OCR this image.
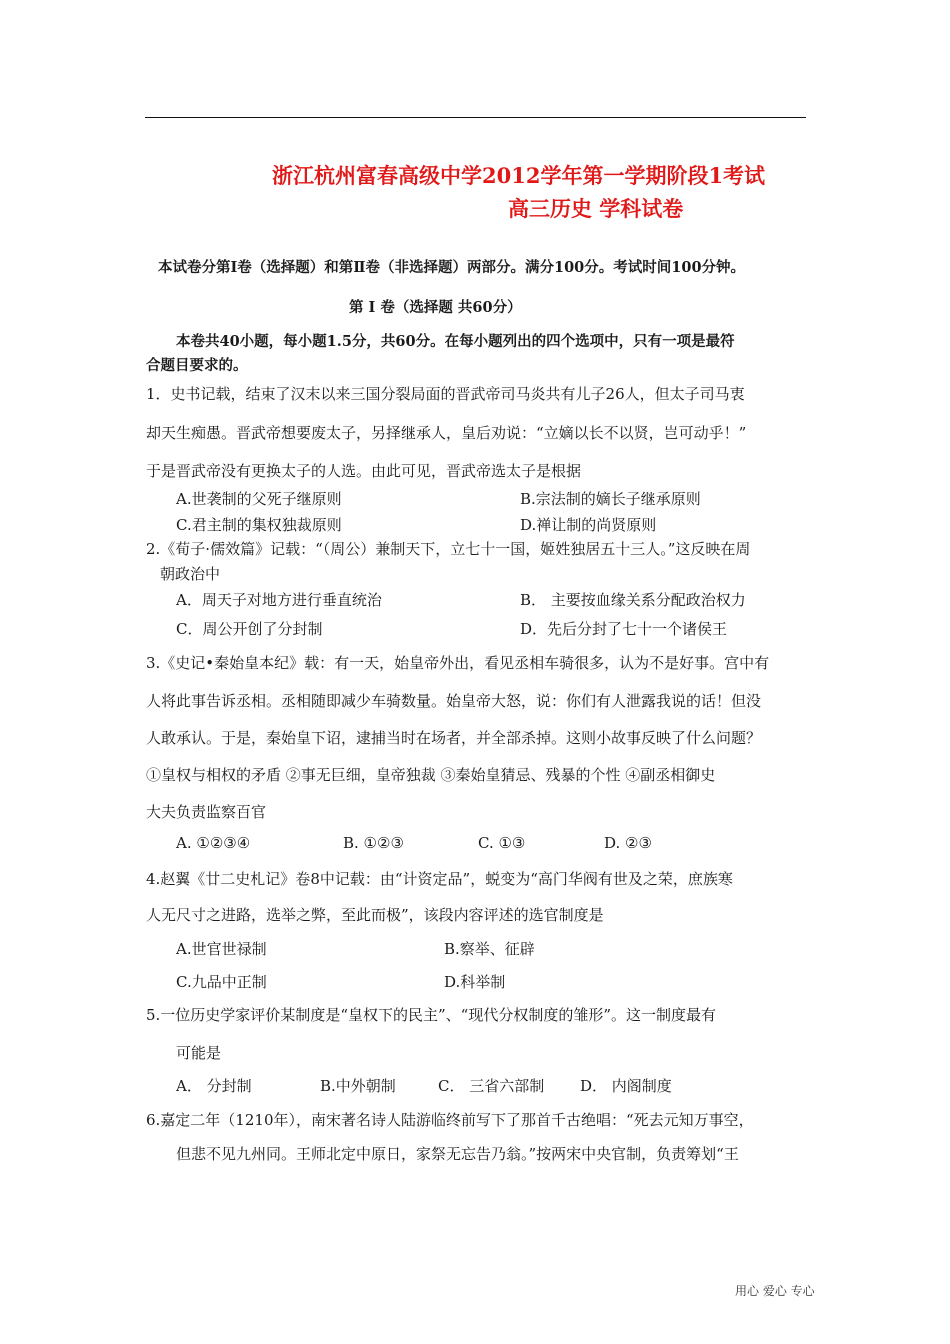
浙江杭州富春高级中学2012学年第一学期阶段1考试
高三历史 学科试卷
本试卷分第Ⅰ卷（选择题）和第Ⅱ卷（非选择题）两部分。满分100分。考试时间100分钟。
第 Ⅰ 卷（选择题 共60分）
本卷共40小题，每小题1.5分，共60分。在每小题列出的四个选项中，只有一项是最符
合题目要求的。
1．史书记载，结束了汉末以来三国分裂局面的晋武帝司马炎共有儿子26人，但太子司马衷
却天生痴愚。晋武帝想要废太子，另择继承人，皇后劝说：“立嫡以长不以贤，岂可动乎！”
于是晋武帝没有更换太子的人选。由此可见，晋武帝选太子是根据
A.世袭制的父死子继原则	B.宗法制的嫡长子继承原则
C.君主制的集权独裁原则	D.禅让制的尚贤原则
2.《荀子·儒效篇》记载：“（周公）兼制天下，立七十一国，姬姓独居五十三人。”这反映在周
朝政治中
A．周天子对地方进行垂直统治	B． 主要按血缘关系分配政治权力
C．周公开创了分封制	D．先后分封了七十一个诸侯王
3.《史记•秦始皇本纪》载：有一天，始皇帝外出，看见丞相车骑很多，认为不是好事。宫中有
人将此事告诉丞相。丞相随即减少车骑数量。始皇帝大怒，说：你们有人泄露我说的话！但没
人敢承认。于是，秦始皇下诏，逮捕当时在场者，并全部杀掉。这则小故事反映了什么问题？
①皇权与相权的矛盾 ②事无巨细，皇帝独裁 ③秦始皇猜忌、残暴的个性 ④副丞相御史
大夫负责监察百官
A. ①②③④	B. ①②③	C. ①③	D. ②③
4.赵翼《廿二史札记》卷8中记载：由“计资定品”，蜕变为“高门华阀有世及之荣，庶族寒
人无尺寸之进路，选举之弊，至此而极”，该段内容评述的选官制度是
A.世官世禄制	B.察举、征辟
C.九品中正制	D.科举制
5.一位历史学家评价某制度是“皇权下的民主”、“现代分权制度的雏形”。这一制度最有
可能是
A． 分封制	B.中外朝制	C． 三省六部制 D． 内阁制度
6.嘉定二年（1210年），南宋著名诗人陆游临终前写下了那首千古绝唱：“死去元知万事空，
但悲不见九州同。王师北定中原日，家祭无忘告乃翁。”按两宋中央官制，负责筹划“王
用心 爱心 专心
